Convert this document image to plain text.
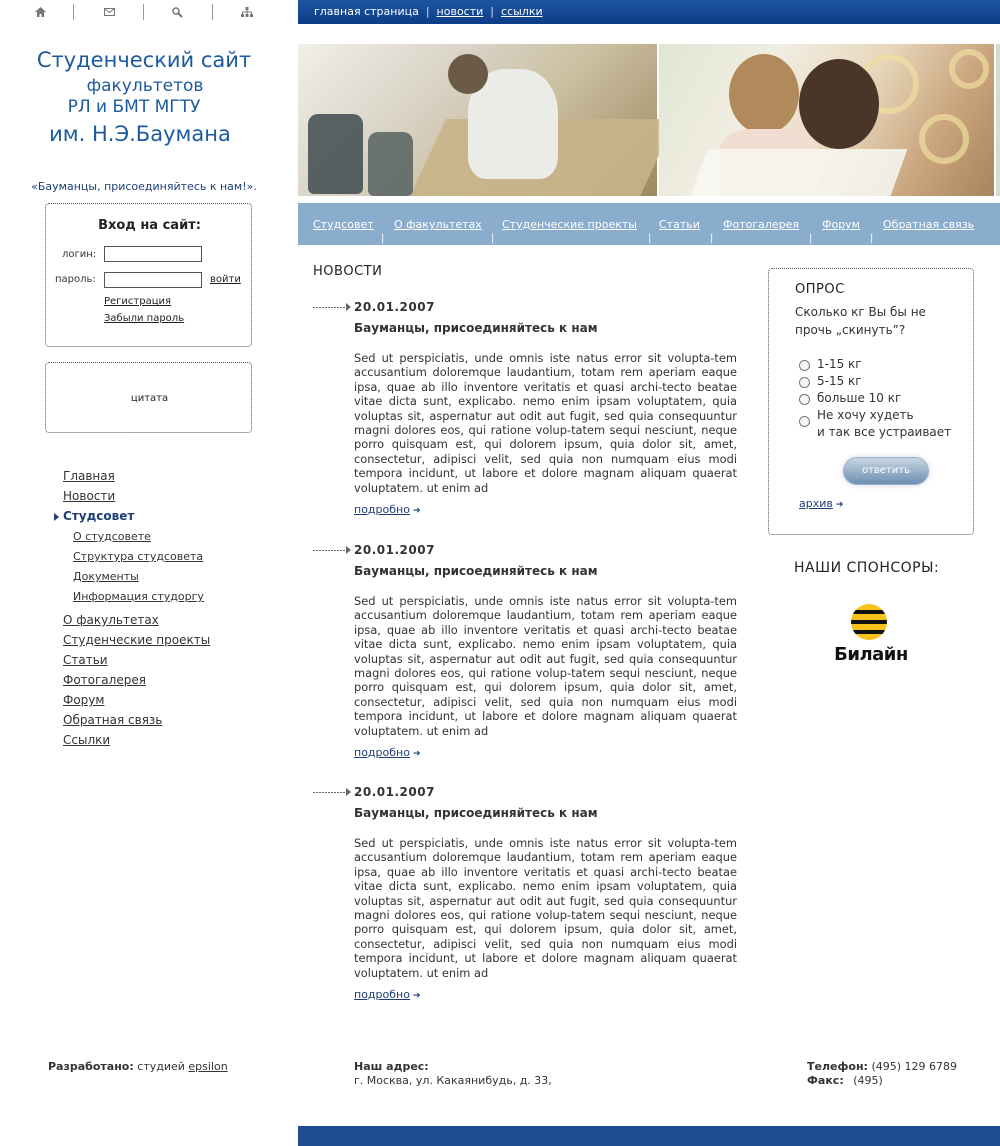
главная страница | новости | ссылки
Студенческий сайт
факультетов
РЛ и БМТ МГТУ
им. Н.Э.Баумана
«Бауманцы, присоединяйтесь к нам!».
Студсовет
|
О факультетах
|
Студенческие проекты
|
Статьи
|
Фотогалерея
|
Форум
|
Обратная связь
Вход на сайт:
логин:
пароль:	войти
Регистрация
Забыли пароль
цитата
Главная
Новости
Студсовет
О студсовете
Структура студсовета
Документы
Информация студоргу
О факультетах
Студенческие проекты
Статьи
Фотогалерея
Форум
Обратная связь
Ссылки
НОВОСТИ
20.01.2007
Бауманцы, присоединяйтесь к нам
Sed ut perspiciatis, unde omnis iste natus error sit volupta-tem accusantium doloremque laudantium, totam rem aperiam eaque ipsa, quae ab illo inventore veritatis et quasi archi-tecto beatae vitae dicta sunt, explicabo. nemo enim ipsam voluptatem, quia voluptas sit, aspernatur aut odit aut fugit, sed quia consequuntur magni dolores eos, qui ratione volup-tatem sequi nesciunt, neque porro quisquam est, qui dolorem ipsum, quia dolor sit, amet, consectetur, adipisci velit, sed quia non numquam eius modi tempora incidunt, ut labore et dolore magnam aliquam quaerat voluptatem. ut enim ad
подробно ➔
20.01.2007
Бауманцы, присоединяйтесь к нам
Sed ut perspiciatis, unde omnis iste natus error sit volupta-tem accusantium doloremque laudantium, totam rem aperiam eaque ipsa, quae ab illo inventore veritatis et quasi archi-tecto beatae vitae dicta sunt, explicabo. nemo enim ipsam voluptatem, quia voluptas sit, aspernatur aut odit aut fugit, sed quia consequuntur magni dolores eos, qui ratione volup-tatem sequi nesciunt, neque porro quisquam est, qui dolorem ipsum, quia dolor sit, amet, consectetur, adipisci velit, sed quia non numquam eius modi tempora incidunt, ut labore et dolore magnam aliquam quaerat voluptatem. ut enim ad
подробно ➔
20.01.2007
Бауманцы, присоединяйтесь к нам
Sed ut perspiciatis, unde omnis iste natus error sit volupta-tem accusantium doloremque laudantium, totam rem aperiam eaque ipsa, quae ab illo inventore veritatis et quasi archi-tecto beatae vitae dicta sunt, explicabo. nemo enim ipsam voluptatem, quia voluptas sit, aspernatur aut odit aut fugit, sed quia consequuntur magni dolores eos, qui ratione volup-tatem sequi nesciunt, neque porro quisquam est, qui dolorem ipsum, quia dolor sit, amet, consectetur, adipisci velit, sed quia non numquam eius modi tempora incidunt, ut labore et dolore magnam aliquam quaerat voluptatem. ut enim ad
подробно ➔
ОПРОС
Сколько кг Вы бы не прочь „скинуть”?
1-15 кг
5-15 кг
больше 10 кг
Не хочу худеть
и так все устраивает
ответить
архив ➔
НАШИ СПОНСОРЫ:
Билайн
Разработано: студией epsilon	Наш адрес:
г. Москва, ул. Какаянибудь, д. 33,
Телефон: (495) 129 6789
Факс: (495)
